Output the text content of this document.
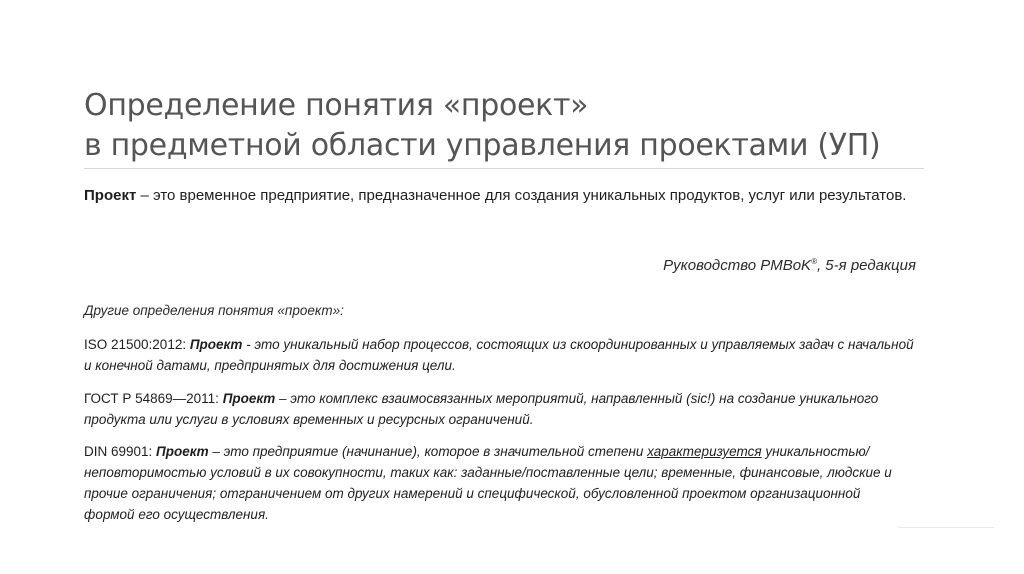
Определение понятия «проект»
в предметной области управления проектами (УП)
Проект – это временное предприятие, предназначенное для создания уникальных продуктов, услуг или результатов.
Руководство PMBoK®, 5-я редакция
Другие определения понятия «проект»:
ISO 21500:2012: Проект - это уникальный набор процессов, состоящих из скоординированных и управляемых задач с начальной и конечной датами, предпринятых для достижения цели.
ГОСТ Р 54869—2011: Проект – это комплекс взаимосвязанных мероприятий, направленный (sic!) на создание уникального продукта или услуги в условиях временных и ресурсных ограничений.
DIN 69901: Проект – это предприятие (начинание), которое в значительной степени характеризуется уникальностью/неповторимостью условий в их совокупности, таких как: заданные/поставленные цели; временные, финансовые, людские и прочие ограничения; отграничением от других намерений и специфической, обусловленной проектом организационной формой его осуществления.
